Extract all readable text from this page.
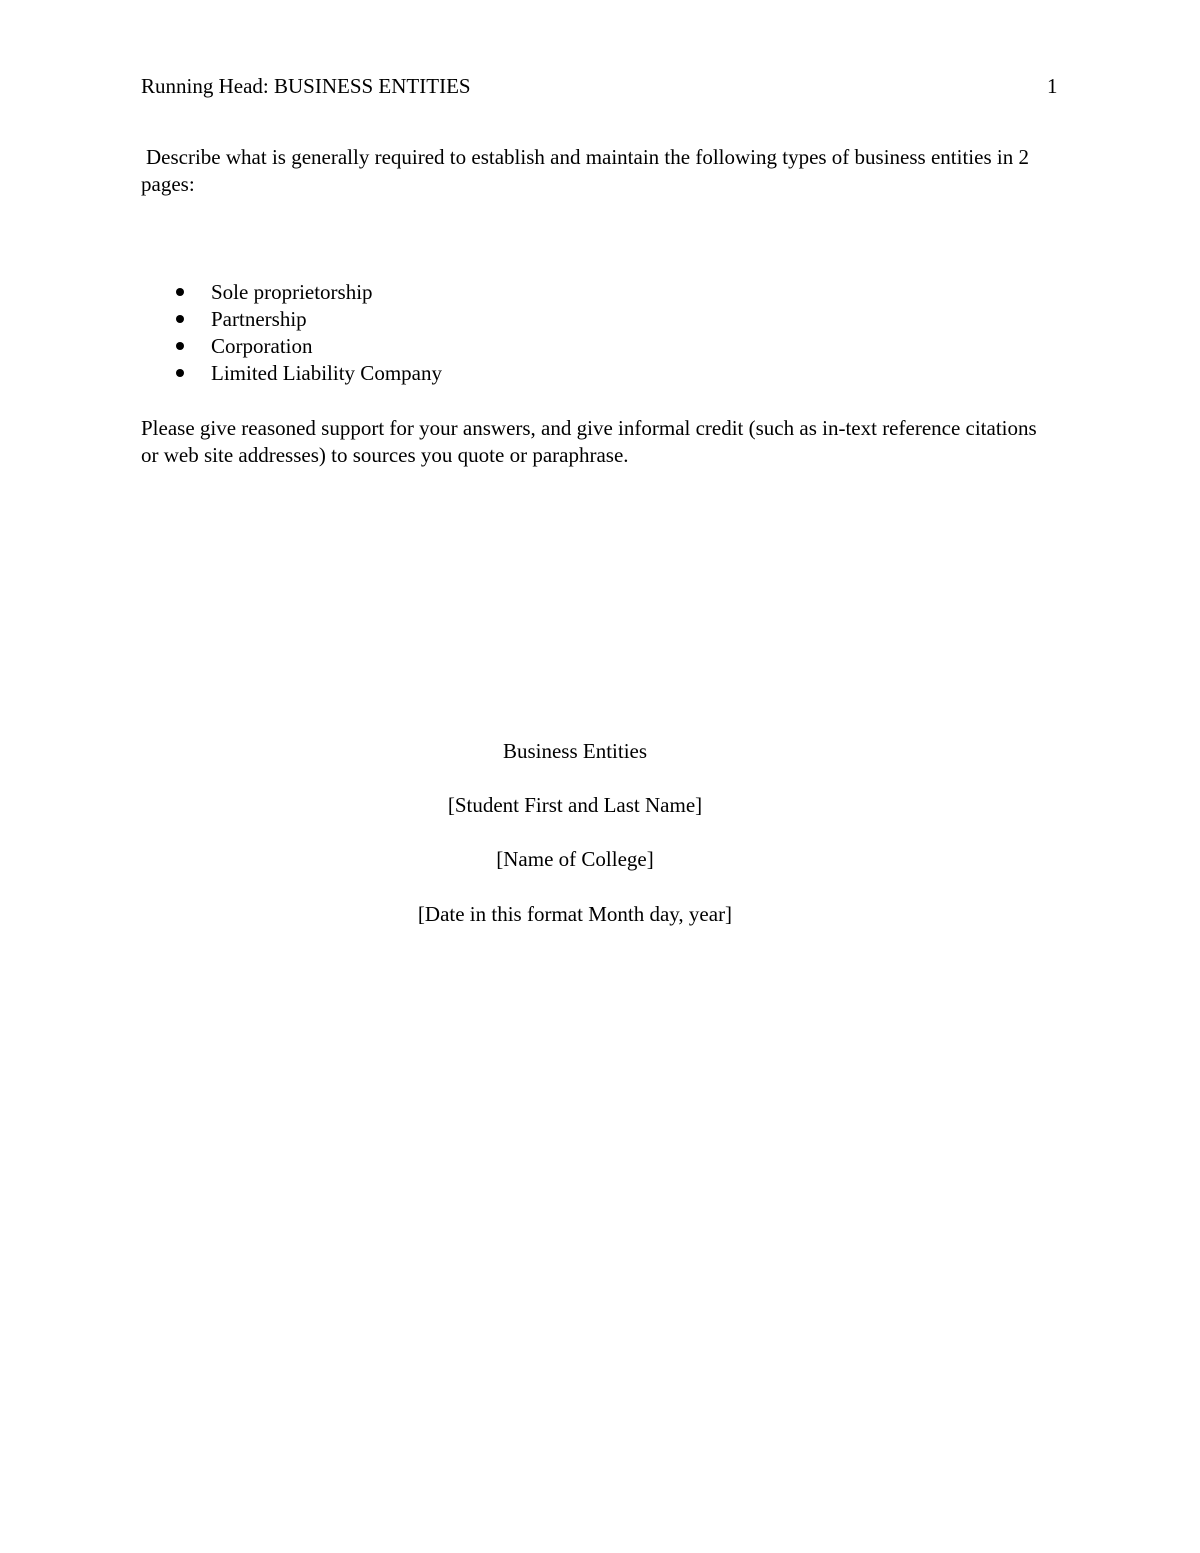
Running Head: BUSINESS ENTITIES	1
Describe what is generally required to establish and maintain the following types of business entities in 2 pages:
Sole proprietorship
Partnership
Corporation
Limited Liability Company
Please give reasoned support for your answers, and give informal credit (such as in-text reference citations or web site addresses) to sources you quote or paraphrase.
Business Entities
[Student First and Last Name]
[Name of College]
[Date in this format Month day, year]
